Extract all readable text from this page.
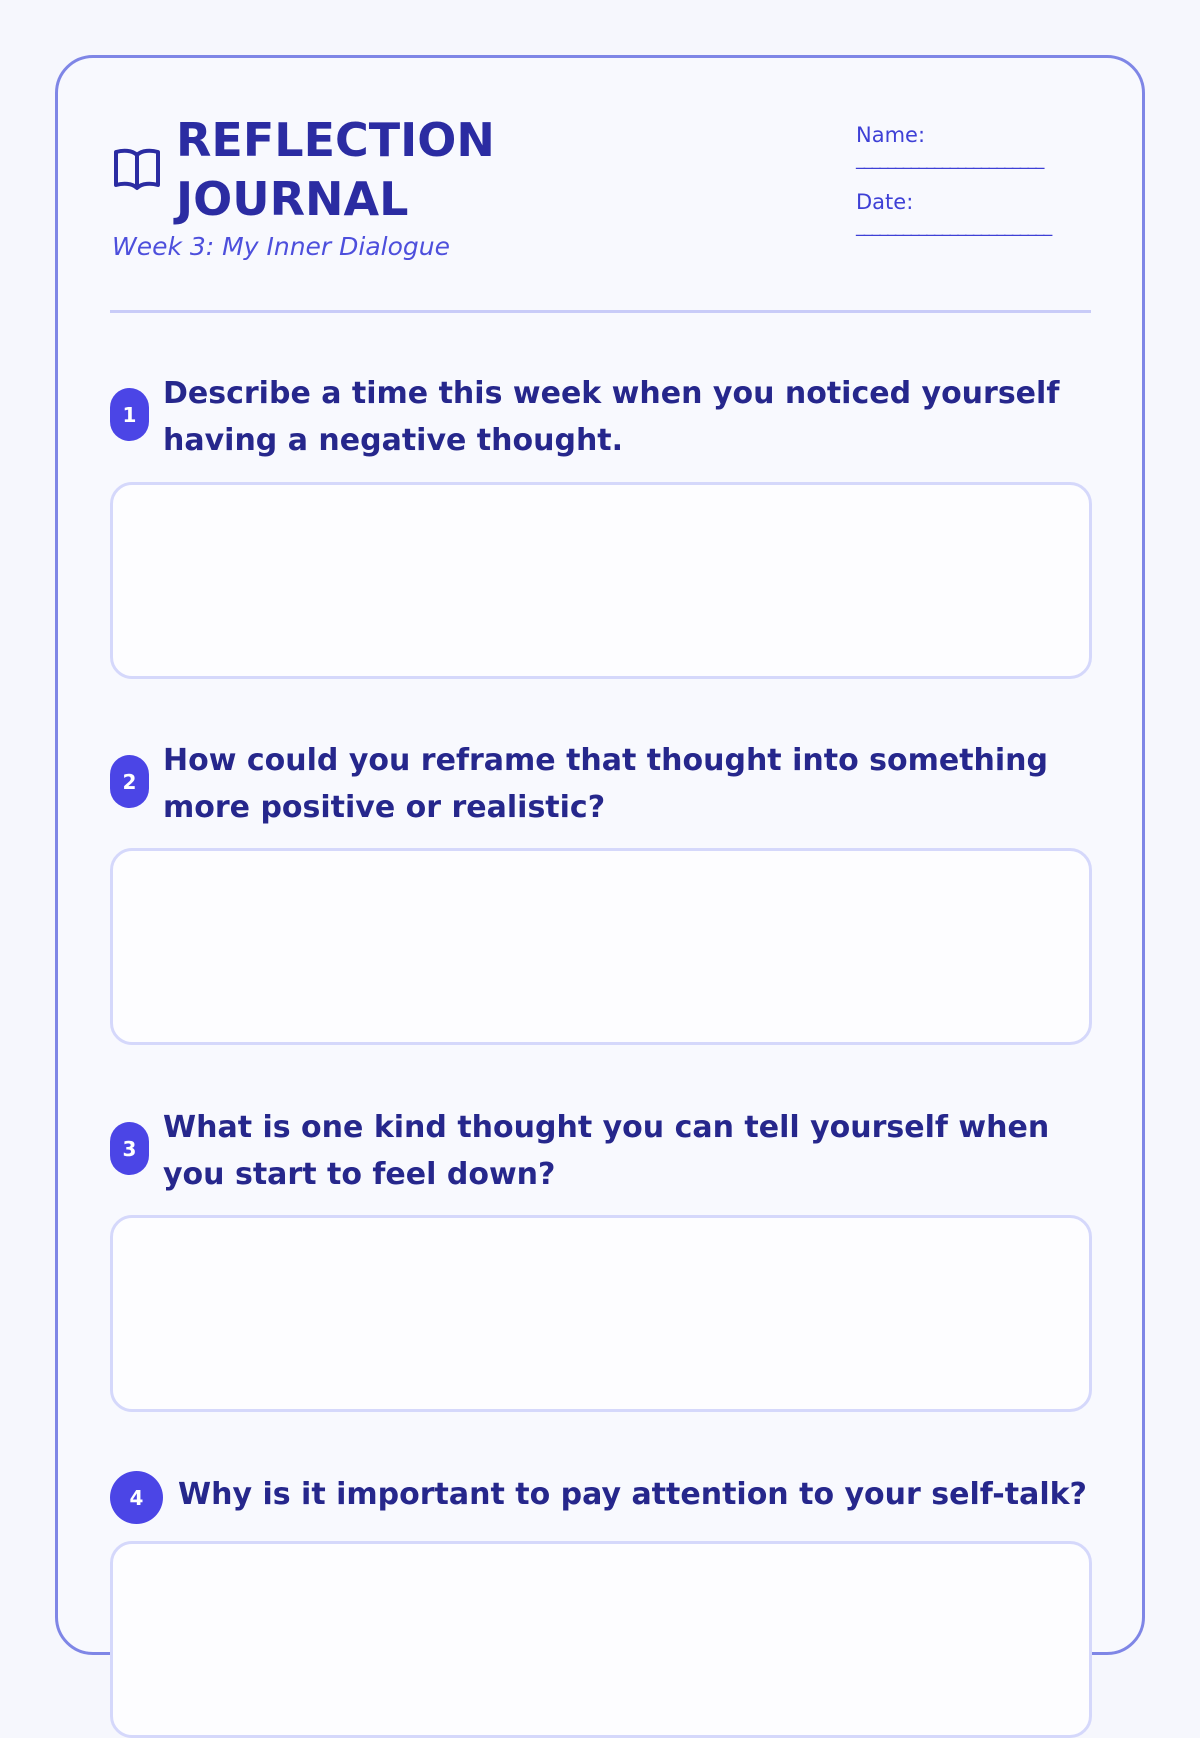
REFLECTION
JOURNAL

Week 3: My Inner Dialogue

Name:
________________________
Date:
_________________________
1

Describe a time this week when you noticed yourself having a negative thought.

2

How could you reframe that thought into something more positive or realistic?

3

What is one kind thought you can tell yourself when you start to feel down?

4	Why is it important to pay attention to your self-talk?
